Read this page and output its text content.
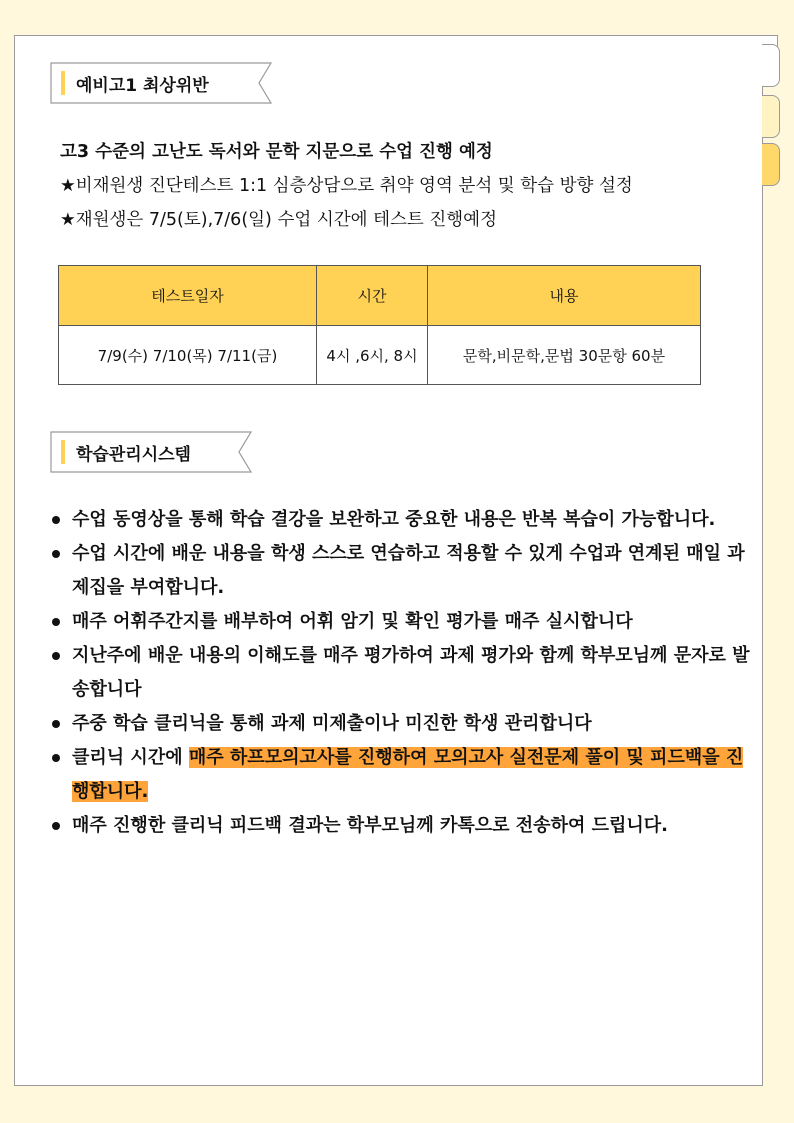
예비고1 최상위반
고3 수준의 고난도 독서와 문학 지문으로 수업 진행 예정
★비재원생 진단테스트 1:1 심층상담으로 취약 영역 분석 및 학습 방향 설정
★재원생은 7/5(토),7/6(일) 수업 시간에 테스트 진행예정
테스트일자	시간	내용
7/9(수) 7/10(목) 7/11(금)	4시 ,6시, 8시	문학,비문학,문법 30문항 60분
학습관리시스템
수업 동영상을 통해 학습 결강을 보완하고 중요한 내용은 반복 복습이 가능합니다.
수업 시간에 배운 내용을 학생 스스로 연습하고 적용할 수 있게 수업과 연계된 매일 과제집을 부여합니다.
매주 어휘주간지를 배부하여 어휘 암기 및 확인 평가를 매주 실시합니다
지난주에 배운 내용의 이해도를 매주 평가하여 과제 평가와 함께 학부모님께 문자로 발송합니다
주중 학습 클리닉을 통해 과제 미제출이나 미진한 학생 관리합니다
클리닉 시간에 매주 하프모의고사를 진행하여 모의고사 실전문제 풀이 및 피드백을 진행합니다.
매주 진행한 클리닉 피드백 결과는 학부모님께 카톡으로 전송하여 드립니다.
